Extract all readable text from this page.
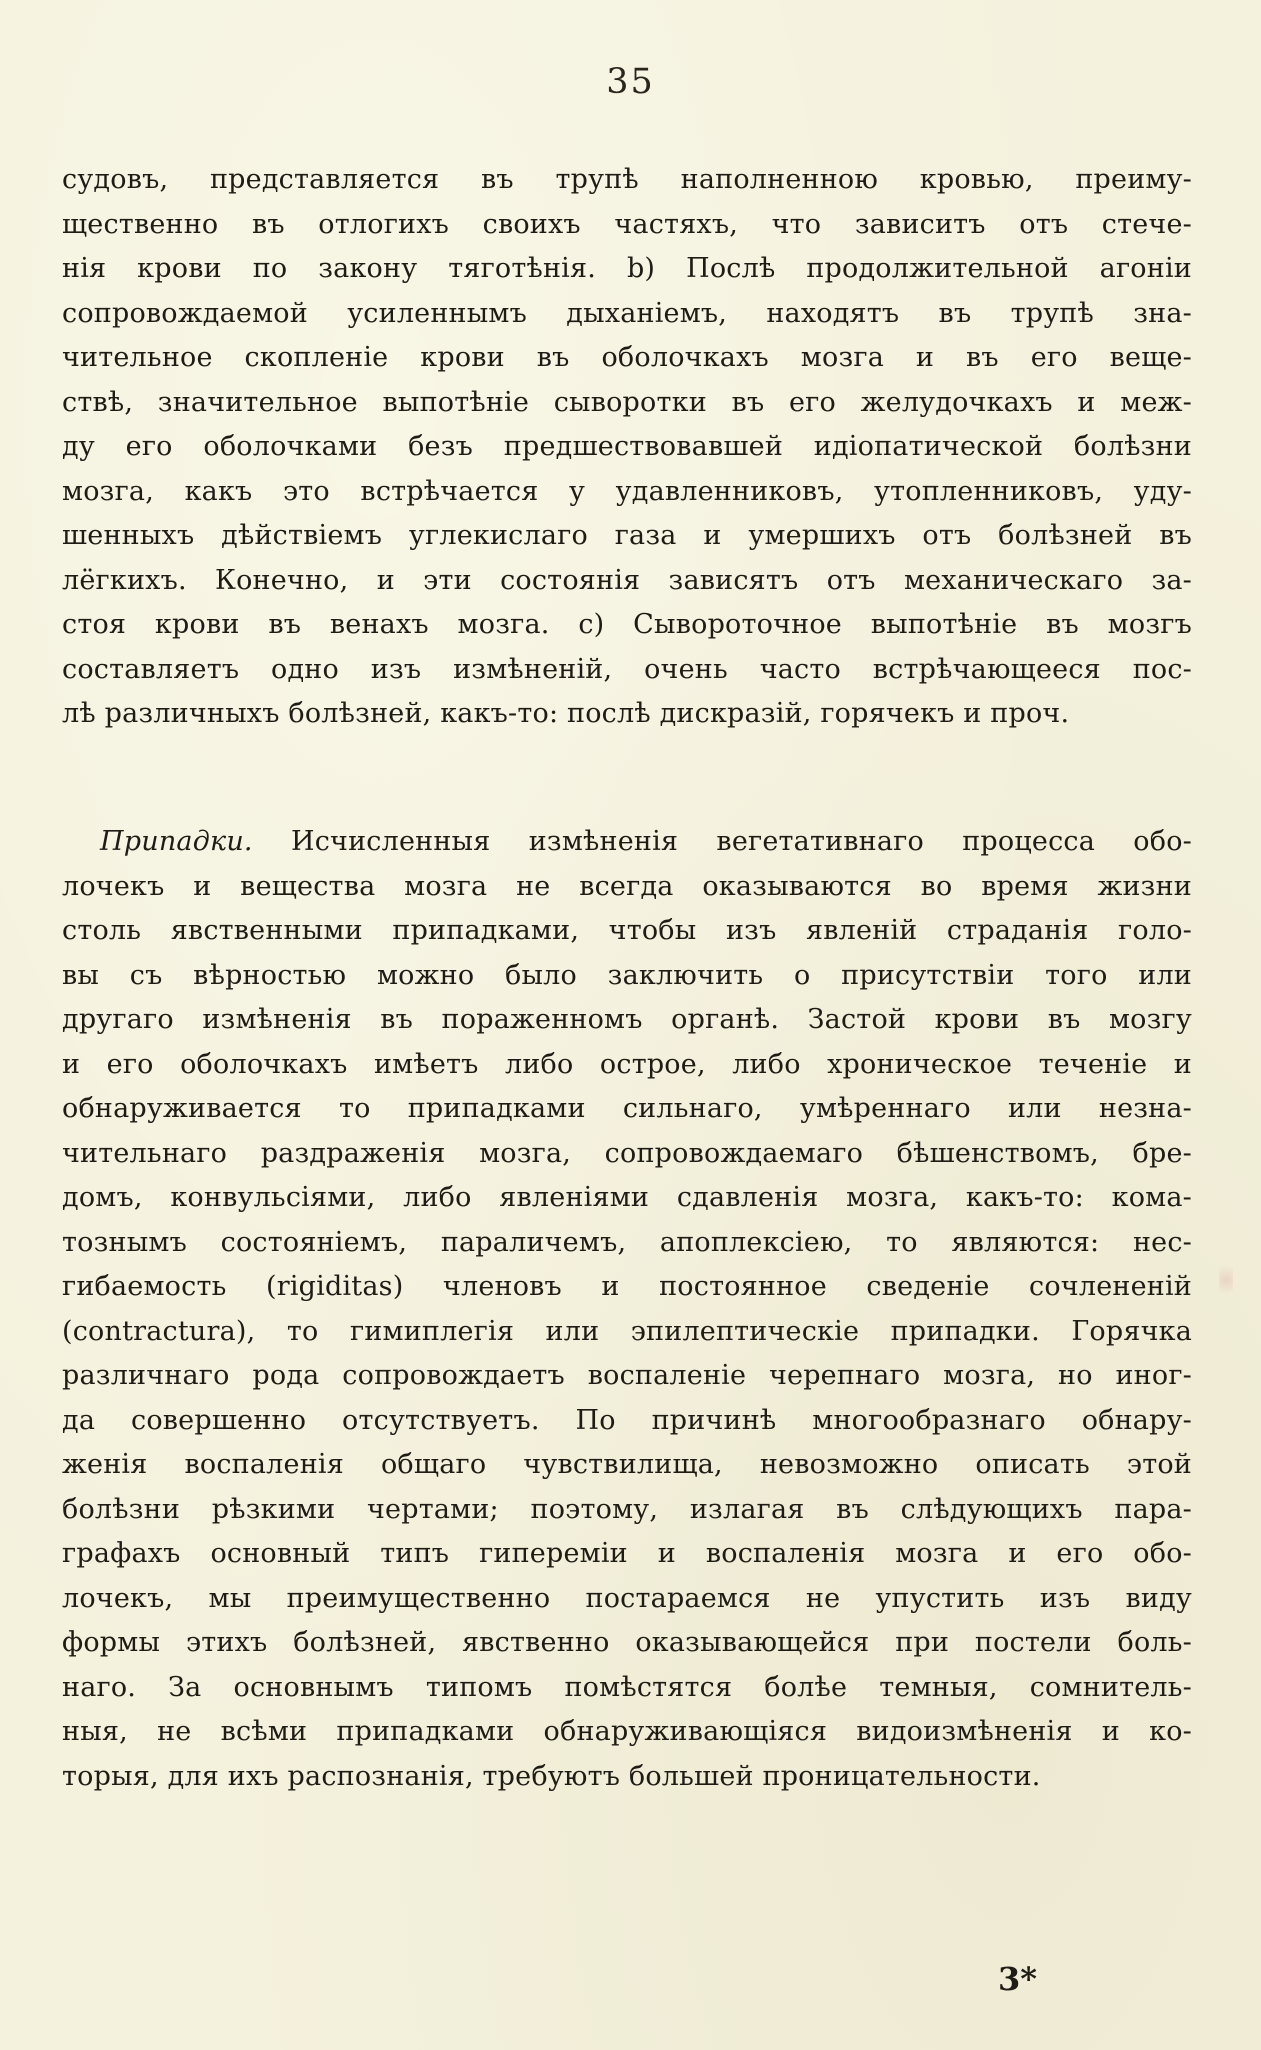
35
судовъ, представляется въ трупѣ наполненною кровью, преиму-
щественно въ отлогихъ своихъ частяхъ, что зависитъ отъ стече-
нія крови по закону тяготѣнія. b) Послѣ продолжительной агоніи
сопровождаемой усиленнымъ дыханіемъ, находятъ въ трупѣ зна-
чительное скопленіе крови въ оболочкахъ мозга и въ его веще-
ствѣ, значительное выпотѣніе сыворотки въ его желудочкахъ и меж-
ду его оболочками безъ предшествовавшей идіопатической болѣзни
мозга, какъ это встрѣчается у удавленниковъ, утопленниковъ, уду-
шенныхъ дѣйствіемъ углекислаго газа и умершихъ отъ болѣзней въ
лёгкихъ. Конечно, и эти состоянія зависятъ отъ механическаго за-
стоя крови въ венахъ мозга. c) Сывороточное выпотѣніе въ мозгъ
составляетъ одно изъ измѣненій, очень часто встрѣчающееся пос-
лѣ различныхъ болѣзней, какъ-то: послѣ дискразій, горячекъ и проч.
Припадки. Исчисленныя измѣненія вегетативнаго процесса обо-
лочекъ и вещества мозга не всегда оказываются во время жизни
столь явственными припадками, чтобы изъ явленій страданія голо-
вы съ вѣрностью можно было заключить о присутствіи того или
другаго измѣненія въ пораженномъ органѣ. Застой крови въ мозгу
и его оболочкахъ имѣетъ либо острое, либо хроническое теченіе и
обнаруживается то припадками сильнаго, умѣреннаго или незна-
чительнаго раздраженія мозга, сопровождаемаго бѣшенствомъ, бре-
домъ, конвульсіями, либо явленіями сдавленія мозга, какъ-то: кома-
тознымъ состояніемъ, параличемъ, апоплексіею, то являются: нес-
гибаемость (rigiditas) членовъ и постоянное сведеніе сочлененій
(contractura), то гимиплегія или эпилептическіе припадки. Горячка
различнаго рода сопровождаетъ воспаленіе черепнаго мозга, но иног-
да совершенно отсутствуетъ. По причинѣ многообразнаго обнару-
женія воспаленія общаго чувствилища, невозможно описать этой
болѣзни рѣзкими чертами; поэтому, излагая въ слѣдующихъ пара-
графахъ основный типъ гипереміи и воспаленія мозга и его обо-
лочекъ, мы преимущественно постараемся не упустить изъ виду
формы этихъ болѣзней, явственно оказывающейся при постели боль-
наго. За основнымъ типомъ помѣстятся болѣе темныя, сомнитель-
ныя, не всѣми припадками обнаруживающіяся видоизмѣненія и ко-
торыя, для ихъ распознанія, требуютъ большей проницательности.
3*
